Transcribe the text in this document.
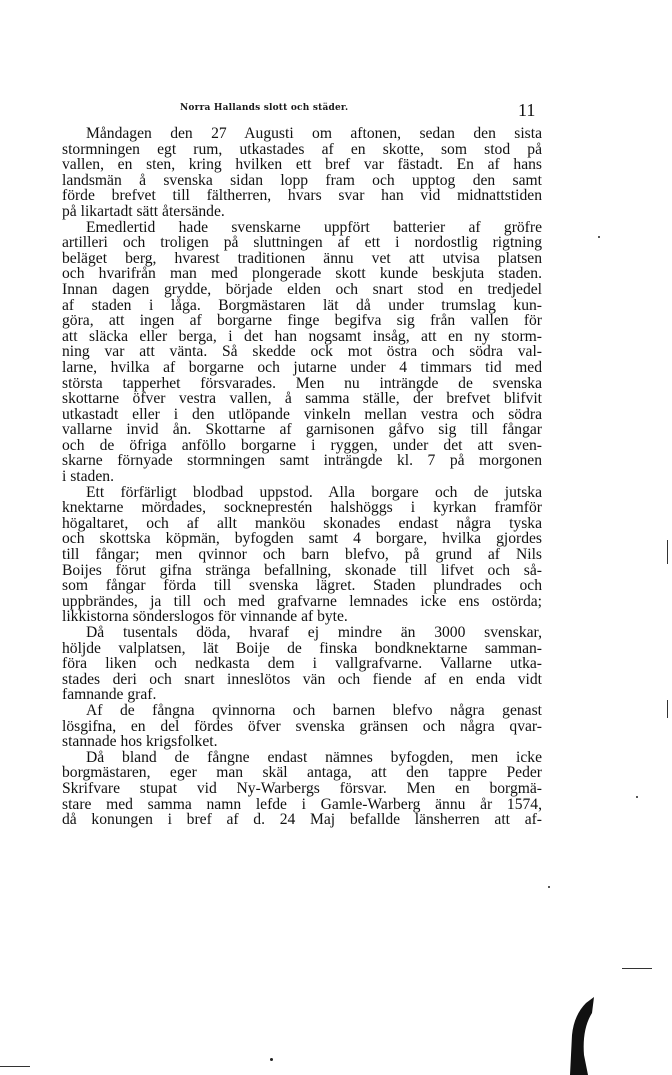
Norra Hallands slott och städer.	11
Måndagen den 27 Augusti om aftonen, sedan den sista
stormningen egt rum, utkastades af en skotte, som stod på
vallen, en sten, kring hvilken ett bref var fästadt. En af hans
landsmän å svenska sidan lopp fram och upptog den samt
förde brefvet till fältherren, hvars svar han vid midnattstiden
på likartadt sätt återsände.
Emedlertid hade svenskarne uppfört batterier af gröfre
artilleri och troligen på sluttningen af ett i nordostlig rigtning
beläget berg, hvarest traditionen ännu vet att utvisa platsen
och hvarifrån man med plongerade skott kunde beskjuta staden.
Innan dagen grydde, började elden och snart stod en tredjedel
af staden i låga. Borgmästaren lät då under trumslag kun-
göra, att ingen af borgarne finge begifva sig från vallen för
att släcka eller berga, i det han nogsamt insåg, att en ny storm-
ning var att vänta. Så skedde ock mot östra och södra val-
larne, hvilka af borgarne och jutarne under 4 timmars tid med
största tapperhet försvarades. Men nu inträngde de svenska
skottarne öfver vestra vallen, å samma ställe, der brefvet blifvit
utkastadt eller i den utlöpande vinkeln mellan vestra och södra
vallarne invid ån. Skottarne af garnisonen gåfvo sig till fångar
och de öfriga anföllo borgarne i ryggen, under det att sven-
skarne förnyade stormningen samt inträngde kl. 7 på morgonen
i staden.
Ett förfärligt blodbad uppstod. Alla borgare och de jutska
knektarne mördades, sockneprestén halshöggs i kyrkan framför
högaltaret, och af allt manköu skonades endast några tyska
och skottska köpmän, byfogden samt 4 borgare, hvilka gjordes
till fångar; men qvinnor och barn blefvo, på grund af Nils
Boijes förut gifna stränga befallning, skonade till lifvet och så-
som fångar förda till svenska lägret. Staden plundrades och
uppbrändes, ja till och med grafvarne lemnades icke ens ostörda;
likkistorna sönderslogos för vinnande af byte.
Då tusentals döda, hvaraf ej mindre än 3000 svenskar,
höljde valplatsen, lät Boije de finska bondknektarne samman-
föra liken och nedkasta dem i vallgrafvarne. Vallarne utka-
stades deri och snart inneslötos vän och fiende af en enda vidt
famnande graf.
Af de fångna qvinnorna och barnen blefvo några genast
lösgifna, en del fördes öfver svenska gränsen och några qvar-
stannade hos krigsfolket.
Då bland de fångne endast nämnes byfogden, men icke
borgmästaren, eger man skäl antaga, att den tappre Peder
Skrifvare stupat vid Ny-Warbergs försvar. Men en borgmä-
stare med samma namn lefde i Gamle-Warberg ännu år 1574,
då konungen i bref af d. 24 Maj befallde länsherren att af-
